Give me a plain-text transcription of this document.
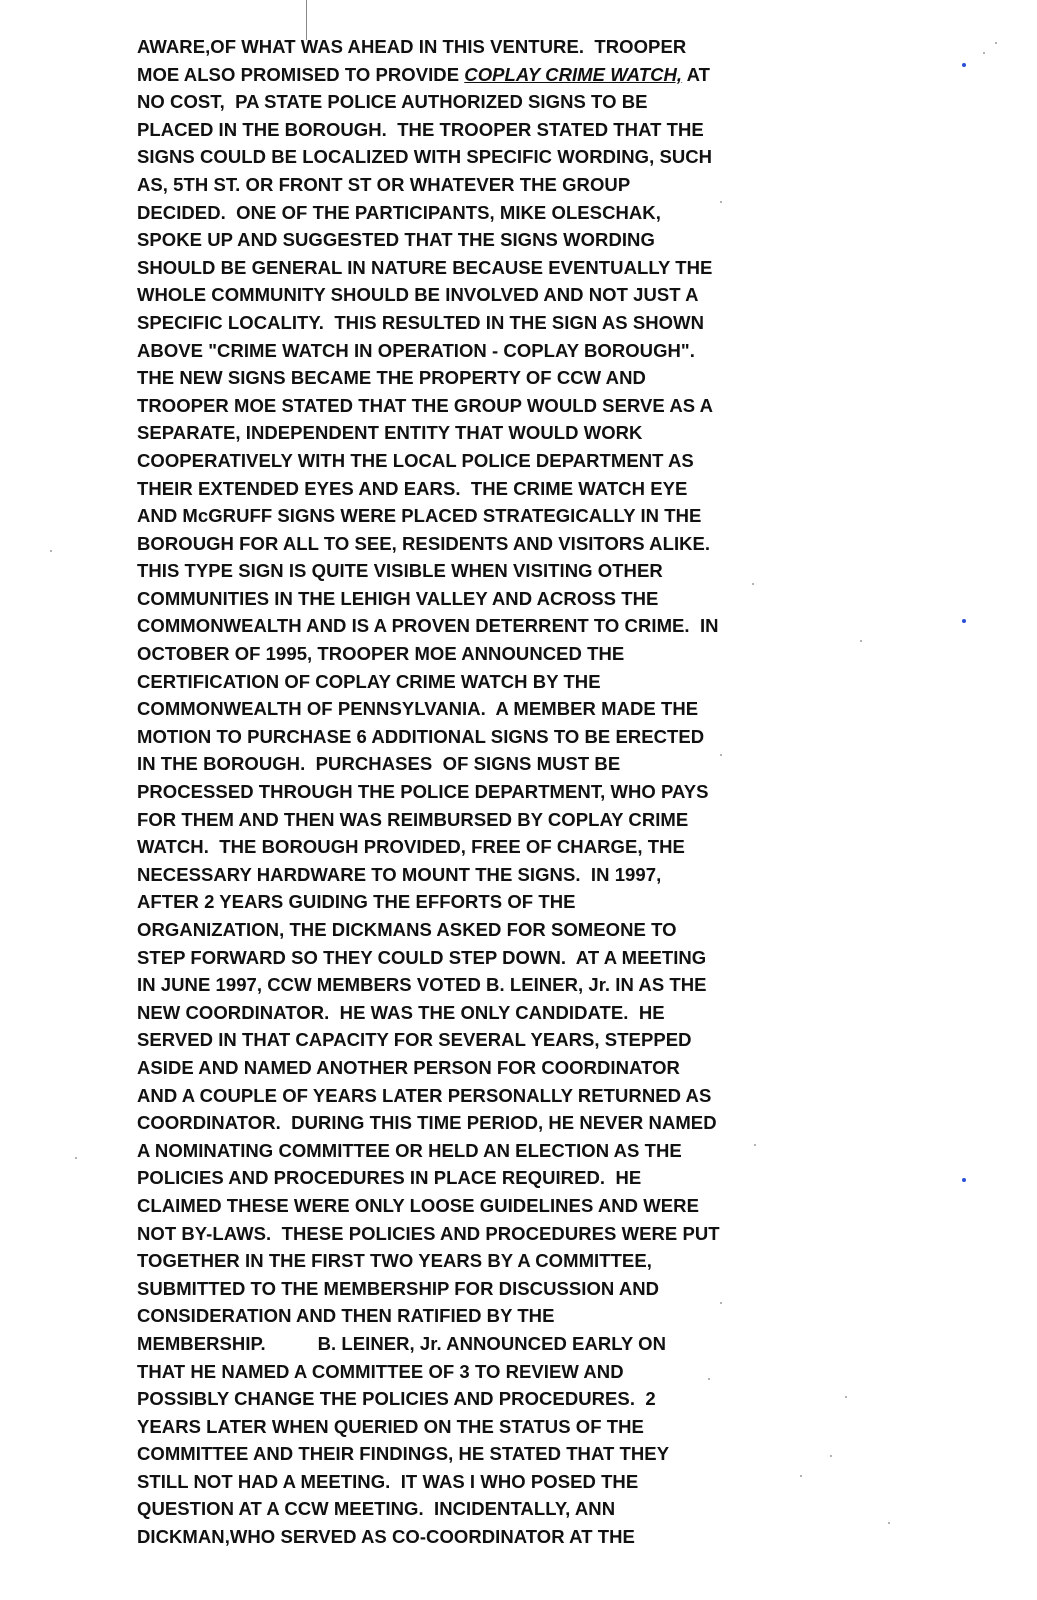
AWARE,OF WHAT WAS AHEAD IN THIS VENTURE.  TROOPER
MOE ALSO PROMISED TO PROVIDE COPLAY CRIME WATCH, AT
NO COST,  PA STATE POLICE AUTHORIZED SIGNS TO BE
PLACED IN THE BOROUGH.  THE TROOPER STATED THAT THE
SIGNS COULD BE LOCALIZED WITH SPECIFIC WORDING, SUCH
AS, 5TH ST. OR FRONT ST OR WHATEVER THE GROUP
DECIDED.  ONE OF THE PARTICIPANTS, MIKE OLESCHAK,
SPOKE UP AND SUGGESTED THAT THE SIGNS WORDING
SHOULD BE GENERAL IN NATURE BECAUSE EVENTUALLY THE
WHOLE COMMUNITY SHOULD BE INVOLVED AND NOT JUST A
SPECIFIC LOCALITY.  THIS RESULTED IN THE SIGN AS SHOWN
ABOVE "CRIME WATCH IN OPERATION - COPLAY BOROUGH".
THE NEW SIGNS BECAME THE PROPERTY OF CCW AND
TROOPER MOE STATED THAT THE GROUP WOULD SERVE AS A
SEPARATE, INDEPENDENT ENTITY THAT WOULD WORK
COOPERATIVELY WITH THE LOCAL POLICE DEPARTMENT AS
THEIR EXTENDED EYES AND EARS.  THE CRIME WATCH EYE
AND McGRUFF SIGNS WERE PLACED STRATEGICALLY IN THE
BOROUGH FOR ALL TO SEE, RESIDENTS AND VISITORS ALIKE.
THIS TYPE SIGN IS QUITE VISIBLE WHEN VISITING OTHER
COMMUNITIES IN THE LEHIGH VALLEY AND ACROSS THE
COMMONWEALTH AND IS A PROVEN DETERRENT TO CRIME.  IN
OCTOBER OF 1995, TROOPER MOE ANNOUNCED THE
CERTIFICATION OF COPLAY CRIME WATCH BY THE
COMMONWEALTH OF PENNSYLVANIA.  A MEMBER MADE THE
MOTION TO PURCHASE 6 ADDITIONAL SIGNS TO BE ERECTED
IN THE BOROUGH.  PURCHASES  OF SIGNS MUST BE
PROCESSED THROUGH THE POLICE DEPARTMENT, WHO PAYS
FOR THEM AND THEN WAS REIMBURSED BY COPLAY CRIME
WATCH.  THE BOROUGH PROVIDED, FREE OF CHARGE, THE
NECESSARY HARDWARE TO MOUNT THE SIGNS.  IN 1997,
AFTER 2 YEARS GUIDING THE EFFORTS OF THE
ORGANIZATION, THE DICKMANS ASKED FOR SOMEONE TO
STEP FORWARD SO THEY COULD STEP DOWN.  AT A MEETING
IN JUNE 1997, CCW MEMBERS VOTED B. LEINER, Jr. IN AS THE
NEW COORDINATOR.  HE WAS THE ONLY CANDIDATE.  HE
SERVED IN THAT CAPACITY FOR SEVERAL YEARS, STEPPED
ASIDE AND NAMED ANOTHER PERSON FOR COORDINATOR
AND A COUPLE OF YEARS LATER PERSONALLY RETURNED AS
COORDINATOR.  DURING THIS TIME PERIOD, HE NEVER NAMED
A NOMINATING COMMITTEE OR HELD AN ELECTION AS THE
POLICIES AND PROCEDURES IN PLACE REQUIRED.  HE
CLAIMED THESE WERE ONLY LOOSE GUIDELINES AND WERE
NOT BY-LAWS.  THESE POLICIES AND PROCEDURES WERE PUT
TOGETHER IN THE FIRST TWO YEARS BY A COMMITTEE,
SUBMITTED TO THE MEMBERSHIP FOR DISCUSSION AND
CONSIDERATION AND THEN RATIFIED BY THE
MEMBERSHIP.          B. LEINER, Jr. ANNOUNCED EARLY ON
THAT HE NAMED A COMMITTEE OF 3 TO REVIEW AND
POSSIBLY CHANGE THE POLICIES AND PROCEDURES.  2
YEARS LATER WHEN QUERIED ON THE STATUS OF THE
COMMITTEE AND THEIR FINDINGS, HE STATED THAT THEY
STILL NOT HAD A MEETING.  IT WAS I WHO POSED THE
QUESTION AT A CCW MEETING.  INCIDENTALLY, ANN
DICKMAN,WHO SERVED AS CO-COORDINATOR AT THE
